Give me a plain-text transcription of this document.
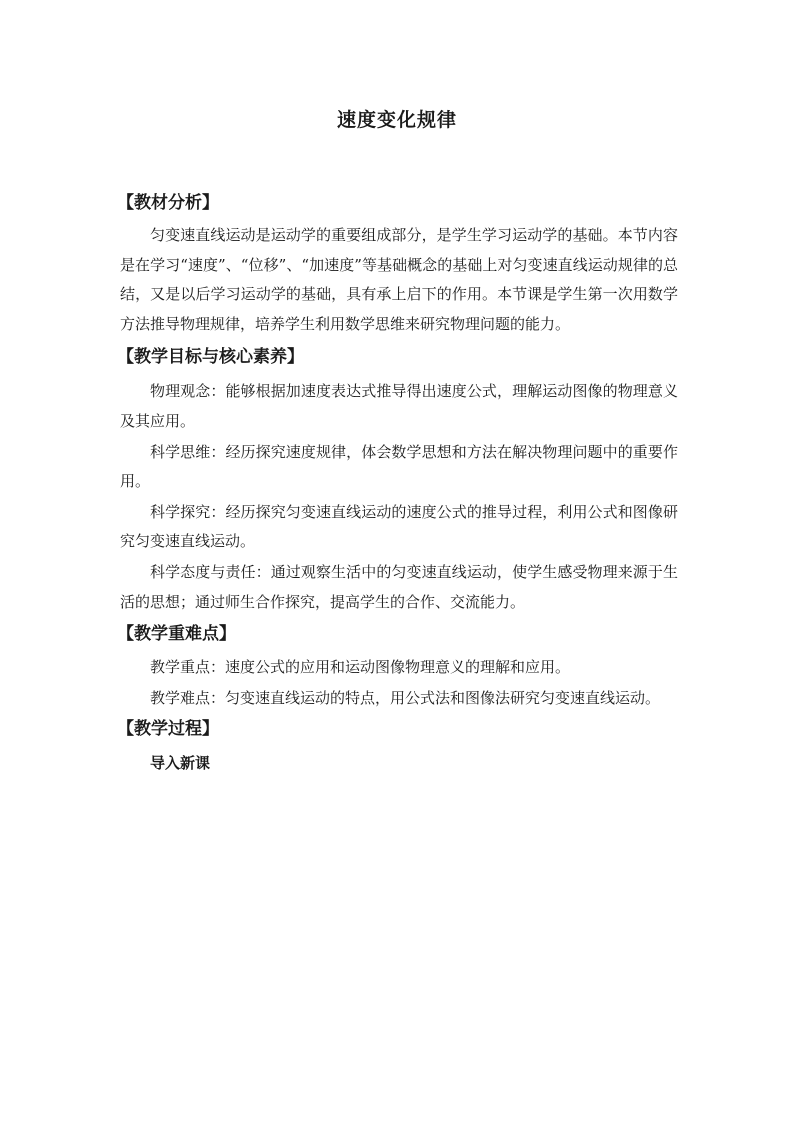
速度变化规律
【教材分析】

匀变速直线运动是运动学的重要组成部分，是学生学习运动学的基础。本节内容是在学习“速度”、“位移”、“加速度”等基础概念的基础上对匀变速直线运动规律的总结，又是以后学习运动学的基础，具有承上启下的作用。本节课是学生第一次用数学方法推导物理规律，培养学生利用数学思维来研究物理问题的能力。

【教学目标与核心素养】

物理观念：能够根据加速度表达式推导得出速度公式，理解运动图像的物理意义及其应用。

科学思维：经历探究速度规律，体会数学思想和方法在解决物理问题中的重要作用。

科学探究：经历探究匀变速直线运动的速度公式的推导过程，利用公式和图像研究匀变速直线运动。

科学态度与责任：通过观察生活中的匀变速直线运动，使学生感受物理来源于生活的思想；通过师生合作探究，提高学生的合作、交流能力。

【教学重难点】

教学重点：速度公式的应用和运动图像物理意义的理解和应用。

教学难点：匀变速直线运动的特点，用公式法和图像法研究匀变速直线运动。

【教学过程】

导入新课
